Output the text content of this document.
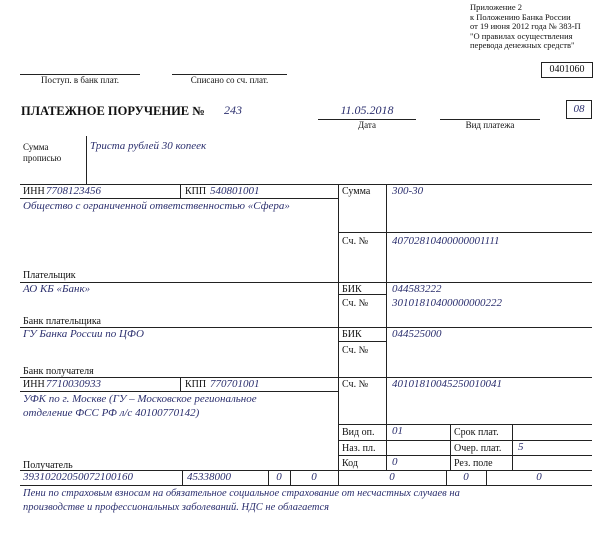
Приложение 2
к Положению Банка России
от 19 июня 2012 года № 383-П
"О правилах осуществления
перевода денежных средств"
0401060
Поступ. в банк плат.	Списано со сч. плат.
ПЛАТЕЖНОЕ ПОРУЧЕНИЕ № 243	11.05.2018
Дата	Вид платежа
08
Сумма
прописью
Триста рублей 30 копеек
ИНН 7708123456	КПП 540801001	Сумма 300-30
Общество с ограниченной ответственностью «Сфера»
Сч. № 40702810400000001111
Плательщик
АО КБ «Банк»	БИК	044583222
Сч. № 30101810400000000222
Банк плательщика
ГУ Банка России по ЦФО	БИК	044525000
Сч. №
Банк получателя
ИНН 7710030933	КПП 770701001	Сч. № 40101810045250010041
УФК по г. Москве (ГУ – Московское региональное
отделение ФСС РФ л/с 40100770142)
Получатель
Вид оп. 01	Срок плат.
Наз. пл.	Очер. плат. 5
Код	0	Рез. поле
39310202050072100160	45338000	0	0	0	0	0
Пени по страховым взносам на обязательное социальное страхование от несчастных случаев на
производстве и профессиональных заболеваний. НДС не облагается
